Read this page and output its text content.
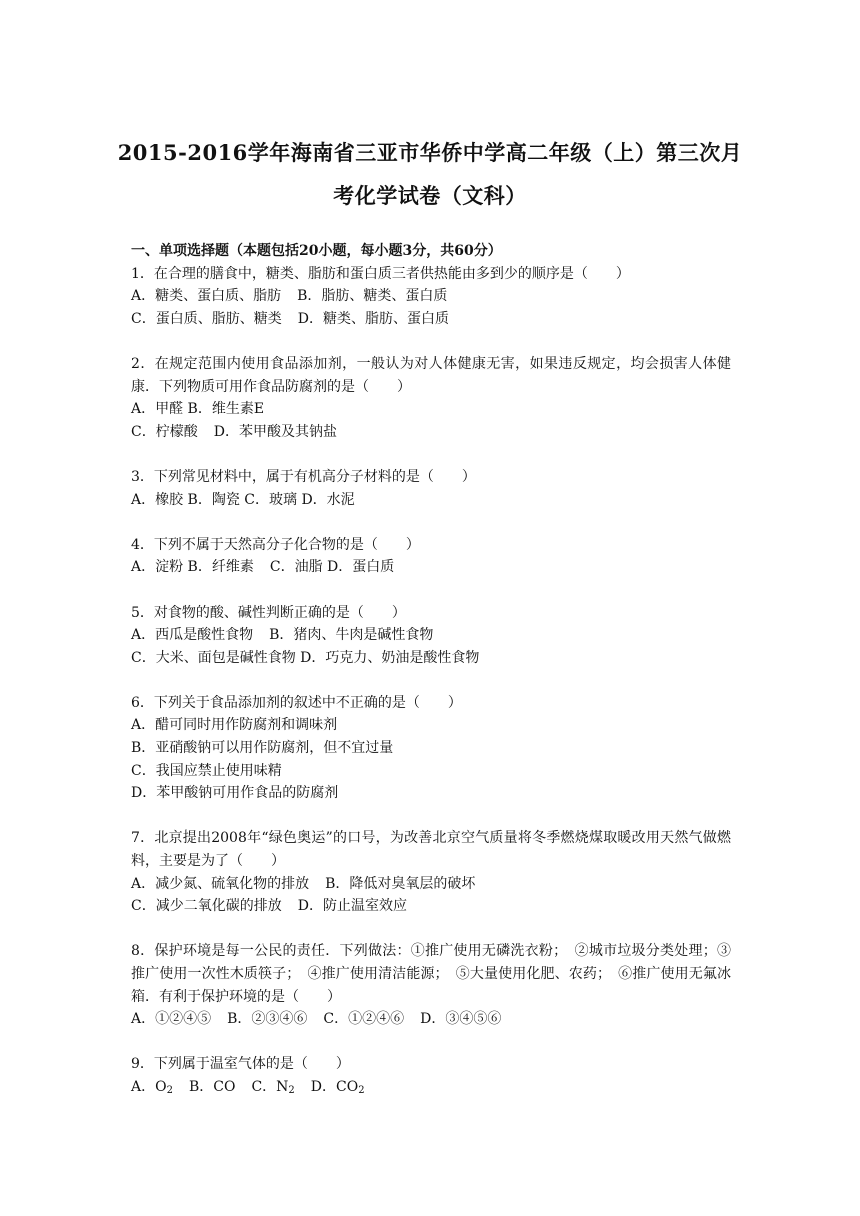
2015-2016学年海南省三亚市华侨中学高二年级（上）第三次月
考化学试卷（文科）
一、单项选择题（本题包括20小题，每小题3分，共60分）
1．在合理的膳食中，糖类、脂肪和蛋白质三者供热能由多到少的顺序是（　　）
A．糖类、蛋白质、脂肪 B．脂肪、糖类、蛋白质
C．蛋白质、脂肪、糖类 D．糖类、脂肪、蛋白质
2．在规定范围内使用食品添加剂，一般认为对人体健康无害，如果违反规定，均会损害人体健康．下列物质可用作食品防腐剂的是（　　）
A．甲醛 B．维生素E
C．柠檬酸 D．苯甲酸及其钠盐
3．下列常见材料中，属于有机高分子材料的是（　　）
A．橡胶 B．陶瓷 C．玻璃 D．水泥
4．下列不属于天然高分子化合物的是（　　）
A．淀粉 B．纤维素 C．油脂 D．蛋白质
5．对食物的酸、碱性判断正确的是（　　）
A．西瓜是酸性食物 B．猪肉、牛肉是碱性食物
C．大米、面包是碱性食物 D．巧克力、奶油是酸性食物
6．下列关于食品添加剂的叙述中不正确的是（　　）
A．醋可同时用作防腐剂和调味剂
B．亚硝酸钠可以用作防腐剂，但不宜过量
C．我国应禁止使用味精
D．苯甲酸钠可用作食品的防腐剂
7．北京提出2008年“绿色奥运”的口号，为改善北京空气质量将冬季燃烧煤取暖改用天然气做燃料，主要是为了（　　）
A．减少氮、硫氧化物的排放 B．降低对臭氧层的破坏
C．减少二氧化碳的排放 D．防止温室效应
8．保护环境是每一公民的责任．下列做法：①推广使用无磷洗衣粉；　②城市垃圾分类处理；③推广使用一次性木质筷子；　④推广使用清洁能源；　⑤大量使用化肥、农药；　⑥推广使用无氟冰箱．有利于保护环境的是（　　）
A．①②④⑤ B．②③④⑥ C．①②④⑥ D．③④⑤⑥
9．下列属于温室气体的是（　　）
A．$O_2$ B．CO C．$N_2$ D．$CO_2$
